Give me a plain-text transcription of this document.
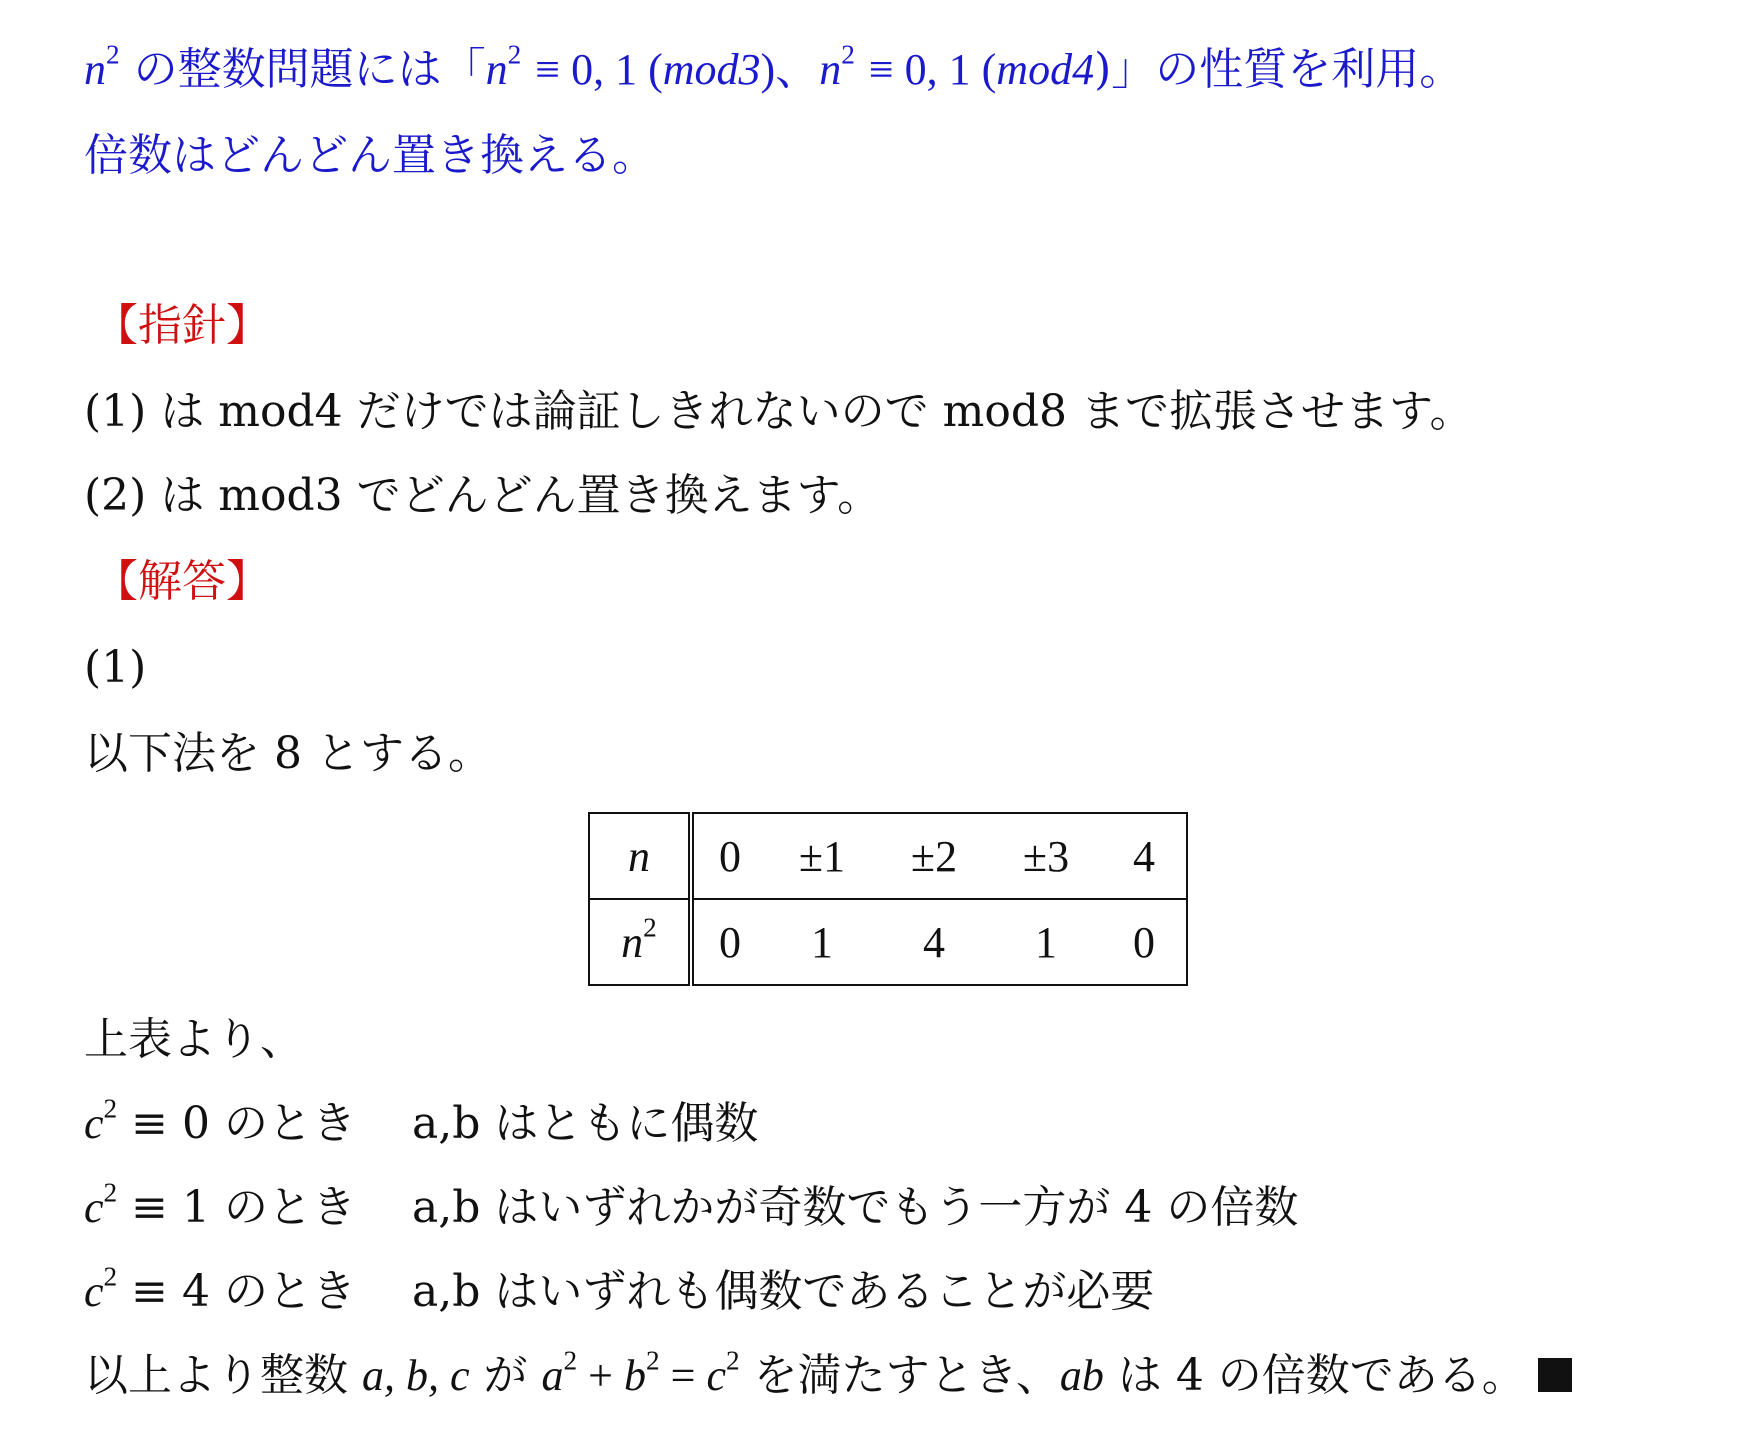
$n^2$ の整数問題には「$n^2 \equiv 0$, 1 (mod3)、$n^2 \equiv 0$, 1 (mod4)」の性質を利用。
倍数はどんどん置き換える。
【指針】
(1) は mod4 だけでは論証しきれないので mod8 まで拡張させます。
(2) は mod3 でどんどん置き換えます。
【解答】
(1)
以下法を 8 とする。
n	0	±1	±2	±3	4
$n^2$	0	1	4	1	0
上表より、
$c^2 \equiv 0$ のとき a,b はともに偶数
$c^2 \equiv 1$ のとき a,b はいずれかが奇数でもう一方が 4 の倍数
$c^2 \equiv 4$ のとき a,b はいずれも偶数であることが必要
以上より整数 a, b, c が $a^2 + b^2 = c^2$ を満たすとき、ab は 4 の倍数である。
